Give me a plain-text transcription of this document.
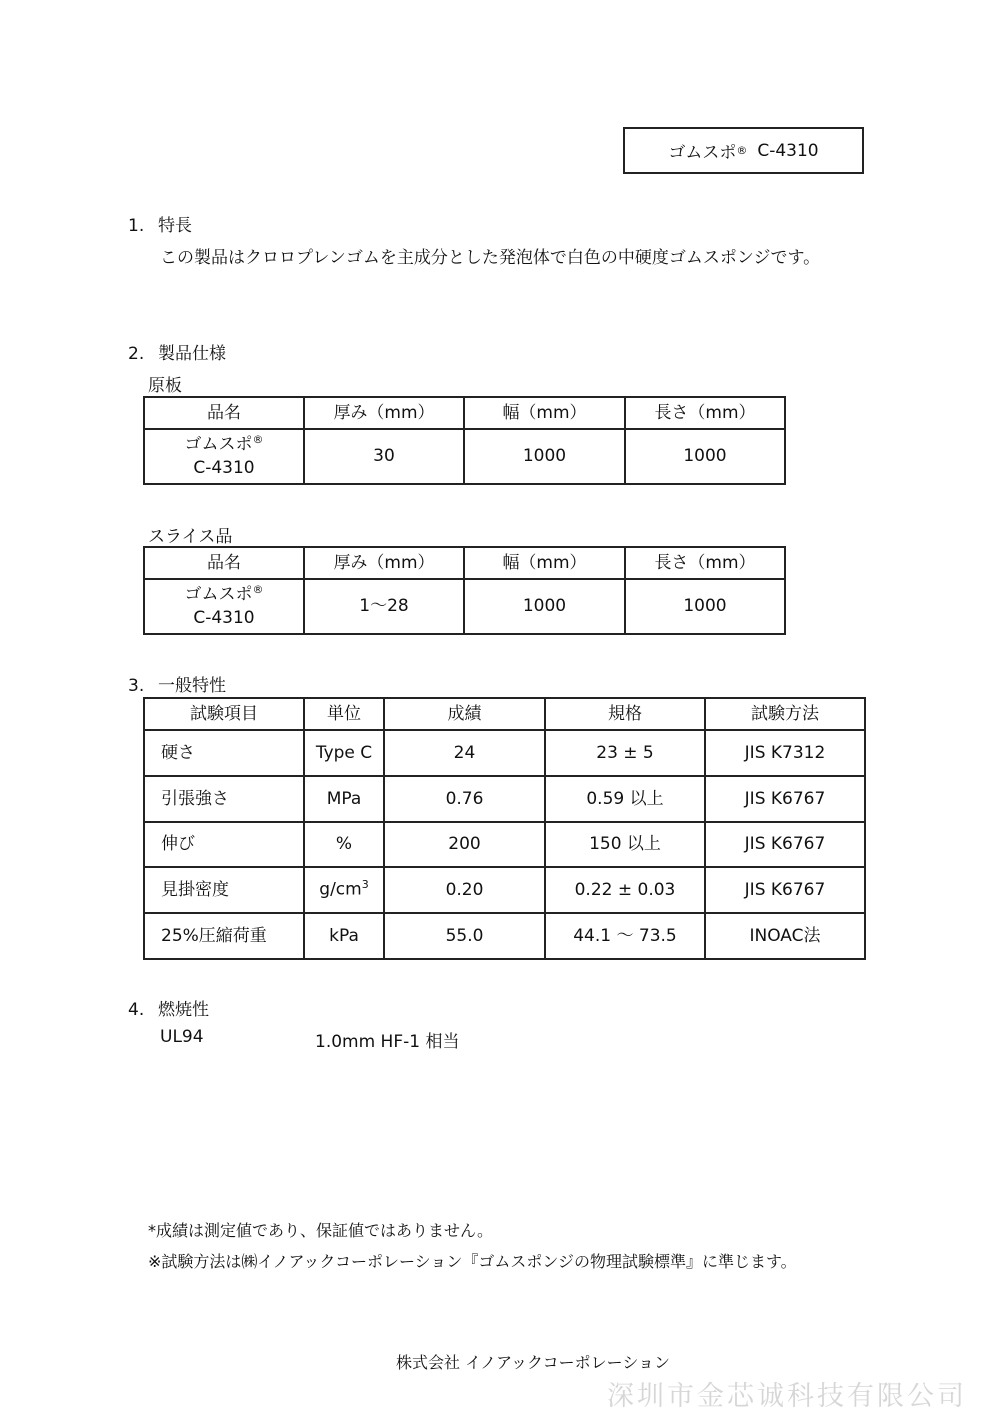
ゴムスポ ® C-4310
1. 特長
この製品はクロロプレンゴムを主成分とした発泡体で白色の中硬度ゴムスポンジです。
2. 製品仕様
原板
品名	厚み（mm）	幅（mm）	長さ（mm）
ゴムスポ®
C-4310	30	1000	1000
スライス品
品名	厚み（mm）	幅（mm）	長さ（mm）
ゴムスポ®
C-4310	1～28	1000	1000
3. 一般特性
試験項目	単位	成績	規格	試験方法
硬さ	Type C	24	23 ± 5	JIS K7312
引張強さ	MPa	0.76	0.59 以上	JIS K6767
伸び	%	200	150 以上	JIS K6767
見掛密度	$g/cm^3$	0.20	0.22 ± 0.03	JIS K6767
25%圧縮荷重	kPa	55.0	44.1 ～ 73.5	INOAC法
4. 燃焼性
UL94	1.0mm HF-1 相当
*成績は測定値であり、保証値ではありません。
※試験方法は㈱イノアックコーポレーション『ゴムスポンジの物理試験標準』に準じます。
株式会社 イノアックコーポレーション
深圳市金芯诚科技有限公司
